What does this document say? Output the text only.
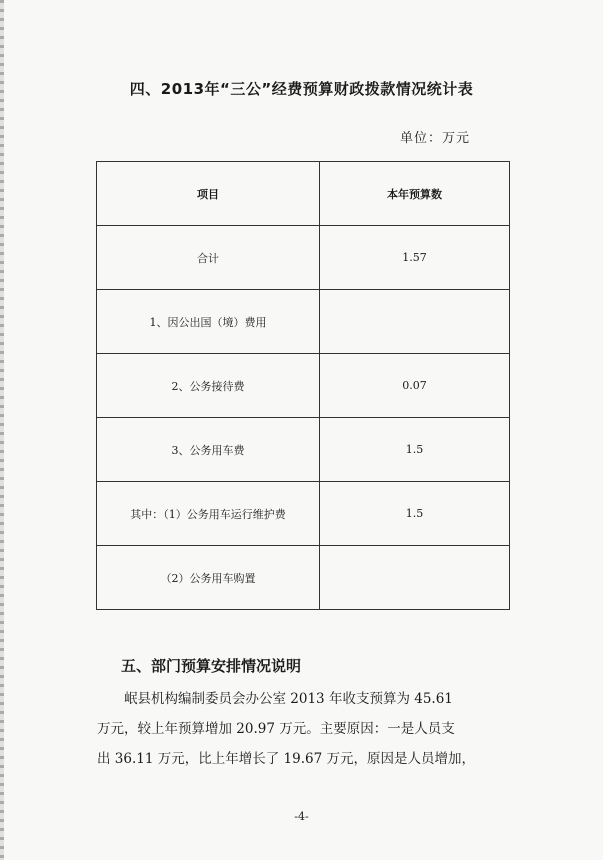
四、2013年“三公”经费预算财政拨款情况统计表
单位：万元
项目	本年预算数
合计	1.57
1、因公出国（境）费用	
2、公务接待费	0.07
3、公务用车费	1.5
其中：（1）公务用车运行维护费	1.5
（2）公务用车购置	
五、部门预算安排情况说明
岷县机构编制委员会办公室 2013 年收支预算为 45.61
万元，较上年预算增加 20.97 万元。主要原因：一是人员支
出 36.11 万元，比上年增长了 19.67 万元，原因是人员增加，
-4-
